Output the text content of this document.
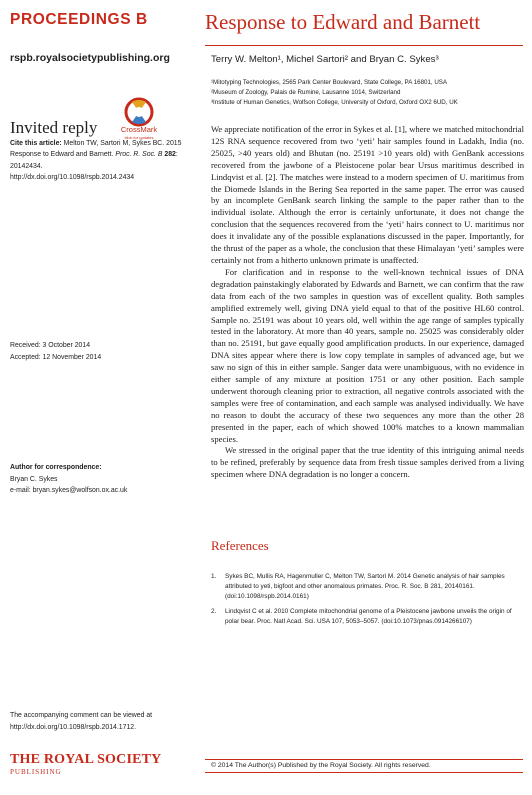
PROCEEDINGS B
rspb.royalsocietypublishing.org
CrossMark
click for updates
Invited reply
Cite this article: Melton TW, Sartori M, Sykes BC. 2015 Response to Edward and Barnett. Proc. R. Soc. B 282: 20142434.
http://dx.doi.org/10.1098/rspb.2014.2434
Received: 3 October 2014
Accepted: 12 November 2014
Author for correspondence:
Bryan C. Sykes
e-mail: bryan.sykes@wolfson.ox.ac.uk
The accompanying comment can be viewed at http://dx.doi.org/10.1098/rspb.2014.1712.
THE ROYAL SOCIETY
PUBLISHING
Response to Edward and Barnett
Terry W. Melton¹, Michel Sartori² and Bryan C. Sykes³
¹Mitotyping Technologies, 2565 Park Center Boulevard, State College, PA 16801, USA
²Museum of Zoology, Palais de Rumine, Lausanne 1014, Switzerland
³Institute of Human Genetics, Wolfson College, University of Oxford, Oxford OX2 6UD, UK

We appreciate notification of the error in Sykes et al. [1], where we matched mitochondrial 12S RNA sequence recovered from two ‘yeti’ hair samples found in Ladakh, India (no. 25025, >40 years old) and Bhutan (no. 25191 >10 years old) with GenBank accessions recovered from the jawbone of a Pleistocene polar bear Ursus maritimus described in Lindqvist et al. [2]. The matches were instead to a modern specimen of U. maritimus from the Diomede Islands in the Bering Sea reported in the same paper. The error was caused by an incomplete GenBank search linking the sample to the paper rather than to the individual isolate. Although the error is certainly unfortunate, it does not change the conclusion that the sequences recovered from the ‘yeti’ hairs connect to U. maritimus nor does it invalidate any of the possible explanations discussed in the paper. Importantly, for the thrust of the paper as a whole, the conclusion that these Himalayan ‘yeti’ samples were certainly not from a hitherto unknown primate is unaffected.

For clarification and in response to the well-known technical issues of DNA degradation painstakingly elaborated by Edwards and Barnett, we can confirm that the raw data from each of the two samples in question was of excellent quality. Both samples amplified extremely well, giving DNA yield equal to that of the positive HL60 control. Sample no. 25191 was about 10 years old, well within the age range of samples typically tested in the laboratory. At more than 40 years, sample no. 25025 was considerably older than no. 25191, but gave equally good amplification products. In our experience, damaged DNA sites appear where there is low copy template in samples of advanced age, but we saw no sign of this in either sample. Sanger data were unambiguous, with no evidence in either sample of any mixture at position 1751 or any other position. Each sample underwent thorough cleaning prior to extraction, all negative controls associated with the samples were free of contamination, and each sample was analysed individually. We have no reason to doubt the accuracy of these two sequences any more than the other 28 presented in the paper, each of which showed 100% matches to a known mammalian species.

We stressed in the original paper that the true identity of this intriguing animal needs to be refined, preferably by sequence data from fresh tissue samples derived from a living specimen where DNA degradation is no longer a concern.

References
1.	Sykes BC, Mullis RA, Hagenmuller C, Melton TW, Sartori M. 2014 Genetic analysis of hair samples attributed to yeti, bigfoot and other anomalous primates. Proc. R. Soc. B 281, 20140161. (doi:10.1098/rspb.2014.0161)
2.	Lindqvist C et al. 2010 Complete mitochondrial genome of a Pleistocene jawbone unveils the origin of polar bear. Proc. Natl Acad. Sci. USA 107, 5053–5057. (doi:10.1073/pnas.0914266107)
© 2014 The Author(s) Published by the Royal Society. All rights reserved.
